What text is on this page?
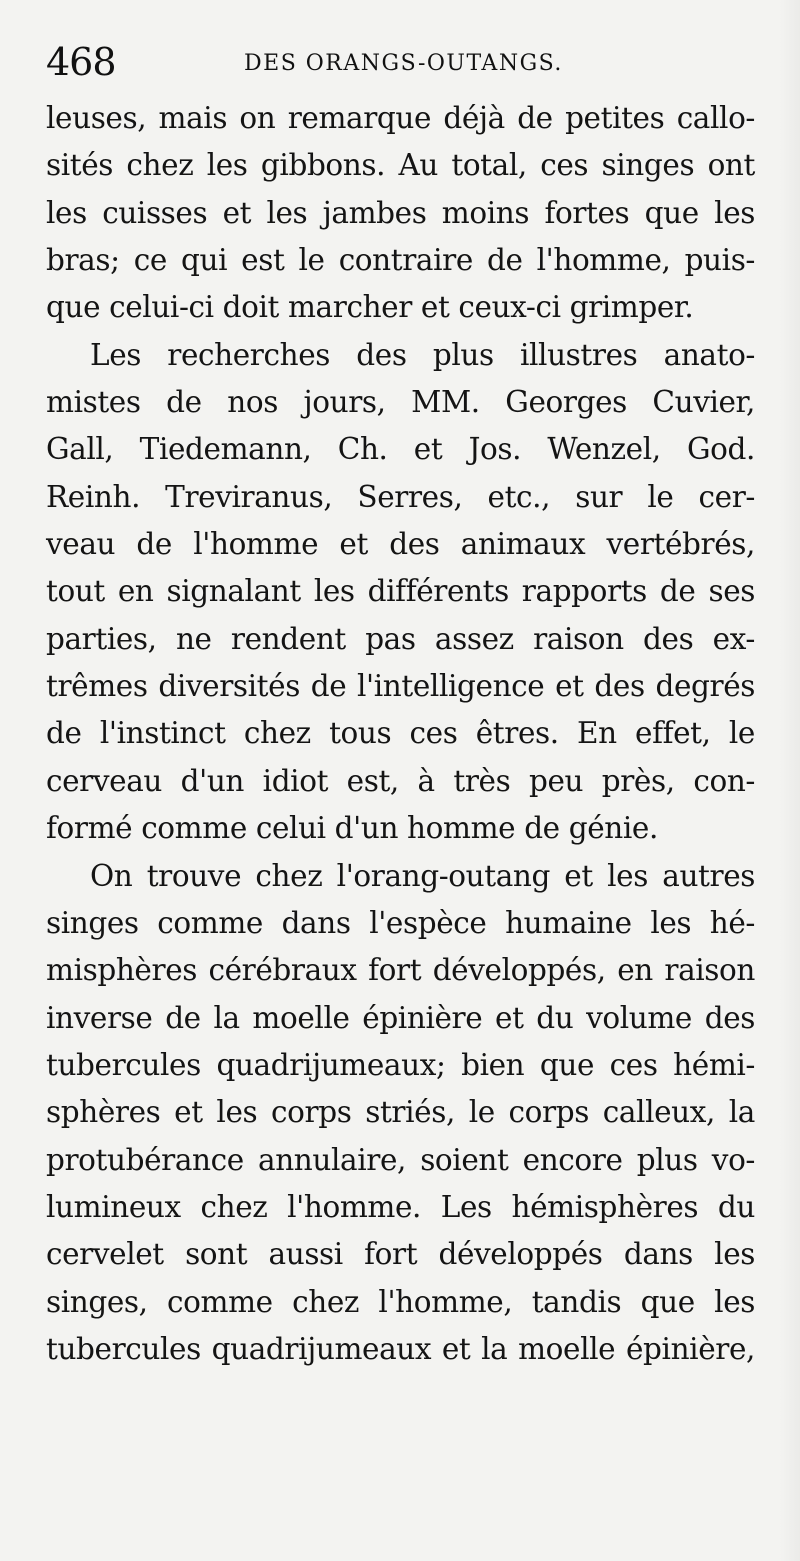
468	DES ORANGS-OUTANGS.
leuses, mais on remarque déjà de petites callo-
sités chez les gibbons. Au total, ces singes ont
les cuisses et les jambes moins fortes que les
bras; ce qui est le contraire de l'homme, puis-
que celui-ci doit marcher et ceux-ci grimper.
Les recherches des plus illustres anato-
mistes de nos jours, MM. Georges Cuvier,
Gall, Tiedemann, Ch. et Jos. Wenzel, God.
Reinh. Treviranus, Serres, etc., sur le cer-
veau de l'homme et des animaux vertébrés,
tout en signalant les différents rapports de ses
parties, ne rendent pas assez raison des ex-
trêmes diversités de l'intelligence et des degrés
de l'instinct chez tous ces êtres. En effet, le
cerveau d'un idiot est, à très peu près, con-
formé comme celui d'un homme de génie.
On trouve chez l'orang-outang et les autres
singes comme dans l'espèce humaine les hé-
misphères cérébraux fort développés, en raison
inverse de la moelle épinière et du volume des
tubercules quadrijumeaux; bien que ces hémi-
sphères et les corps striés, le corps calleux, la
protubérance annulaire, soient encore plus vo-
lumineux chez l'homme. Les hémisphères du
cervelet sont aussi fort développés dans les
singes, comme chez l'homme, tandis que les
tubercules quadrijumeaux et la moelle épinière,
